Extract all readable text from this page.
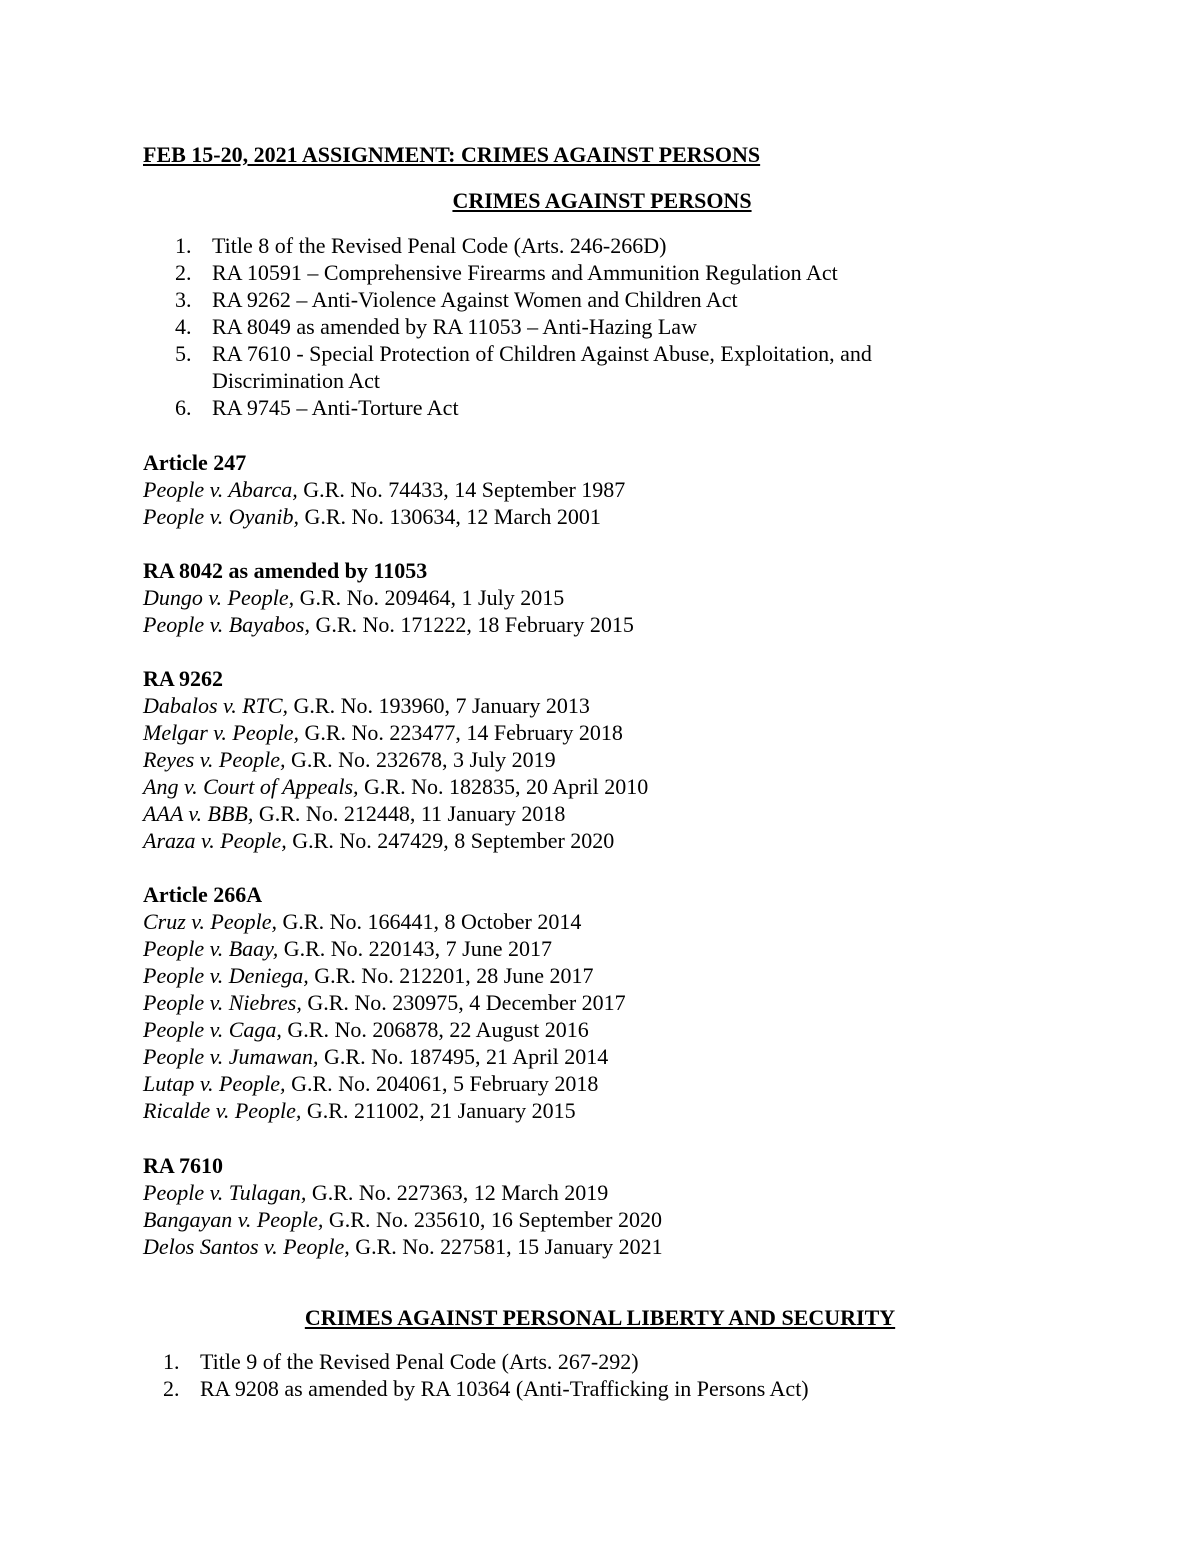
FEB 15-20, 2021 ASSIGNMENT: CRIMES AGAINST PERSONS
CRIMES AGAINST PERSONS
1. Title 8 of the Revised Penal Code (Arts. 246-266D)
2. RA 10591 – Comprehensive Firearms and Ammunition Regulation Act
3. RA 9262 – Anti-Violence Against Women and Children Act
4. RA 8049 as amended by RA 11053 – Anti-Hazing Law
5. RA 7610 - Special Protection of Children Against Abuse, Exploitation, and Discrimination Act
6. RA 9745 – Anti-Torture Act
Article 247
People v. Abarca, G.R. No. 74433, 14 September 1987
People v. Oyanib, G.R. No. 130634, 12 March 2001
RA 8042 as amended by 11053
Dungo v. People, G.R. No. 209464, 1 July 2015
People v. Bayabos, G.R. No. 171222, 18 February 2015
RA 9262
Dabalos v. RTC, G.R. No. 193960, 7 January 2013
Melgar v. People, G.R. No. 223477, 14 February 2018
Reyes v. People, G.R. No. 232678, 3 July 2019
Ang v. Court of Appeals, G.R. No. 182835, 20 April 2010
AAA v. BBB, G.R. No. 212448, 11 January 2018
Araza v. People, G.R. No. 247429, 8 September 2020
Article 266A
Cruz v. People, G.R. No. 166441, 8 October 2014
People v. Baay, G.R. No. 220143, 7 June 2017
People v. Deniega, G.R. No. 212201, 28 June 2017
People v. Niebres, G.R. No. 230975, 4 December 2017
People v. Caga, G.R. No. 206878, 22 August 2016
People v. Jumawan, G.R. No. 187495, 21 April 2014
Lutap v. People, G.R. No. 204061, 5 February 2018
Ricalde v. People, G.R. 211002, 21 January 2015
RA 7610
People v. Tulagan, G.R. No. 227363, 12 March 2019
Bangayan v. People, G.R. No. 235610, 16 September 2020
Delos Santos v. People, G.R. No. 227581, 15 January 2021
CRIMES AGAINST PERSONAL LIBERTY AND SECURITY
1. Title 9 of the Revised Penal Code (Arts. 267-292)
2. RA 9208 as amended by RA 10364 (Anti-Trafficking in Persons Act)
